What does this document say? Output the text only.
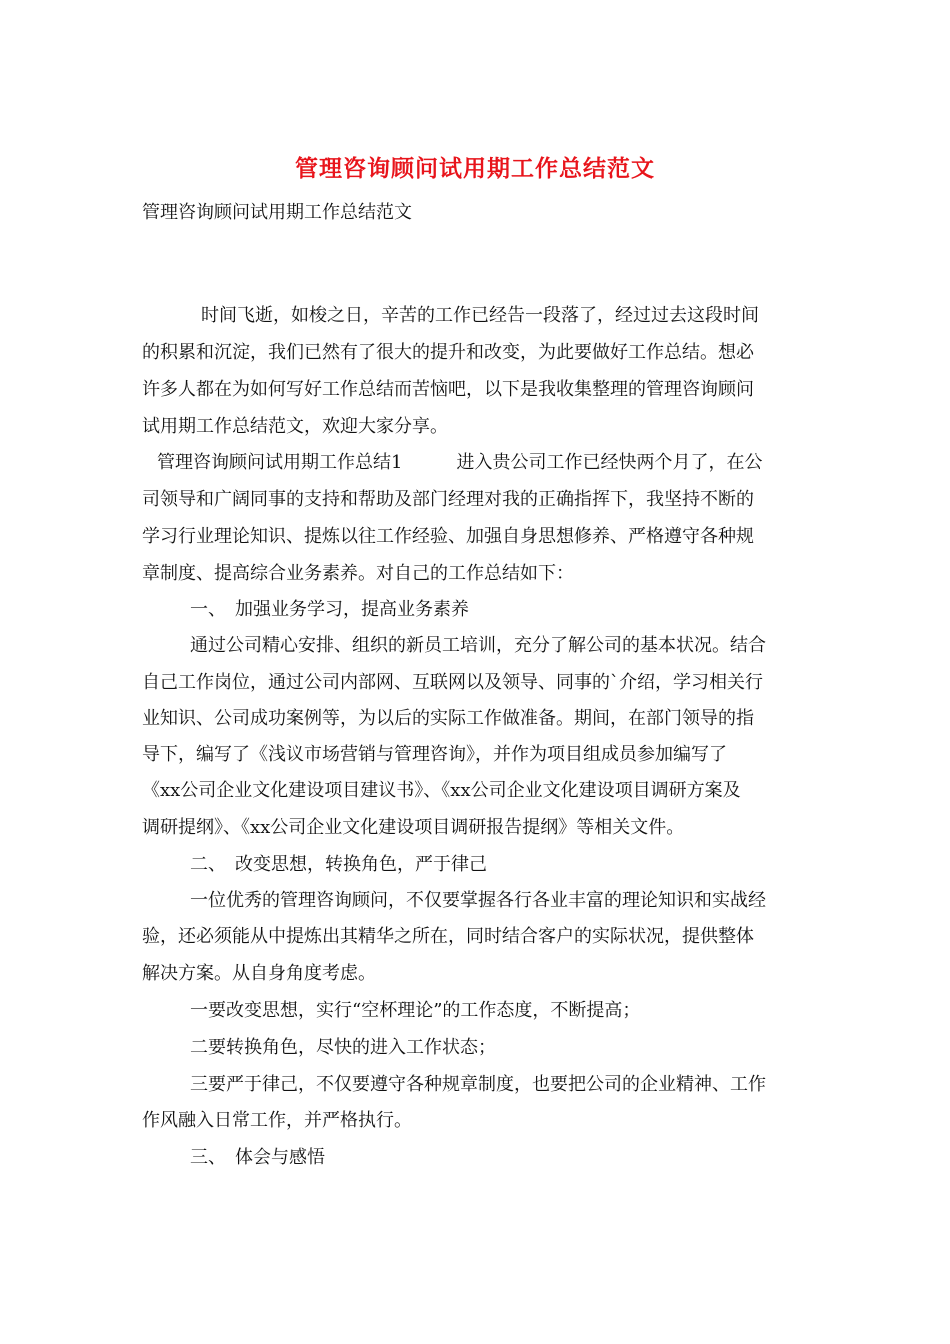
管理咨询顾问试用期工作总结范文
管理咨询顾问试用期工作总结范文
时间飞逝，如梭之日，辛苦的工作已经告一段落了，经过过去这段时间
的积累和沉淀，我们已然有了很大的提升和改变，为此要做好工作总结。想必
许多人都在为如何写好工作总结而苦恼吧，以下是我收集整理的管理咨询顾问
试用期工作总结范文，欢迎大家分享。
管理咨询顾问试用期工作总结1　　　进入贵公司工作已经快两个月了，在公
司领导和广阔同事的支持和帮助及部门经理对我的正确指挥下，我坚持不断的
学习行业理论知识、提炼以往工作经验、加强自身思想修养、严格遵守各种规
章制度、提高综合业务素养。对自己的工作总结如下：
一、　加强业务学习，提高业务素养
通过公司精心安排、组织的新员工培训，充分了解公司的基本状况。结合
自己工作岗位，通过公司内部网、互联网以及领导、同事的`介绍，学习相关行
业知识、公司成功案例等，为以后的实际工作做准备。期间，在部门领导的指
导下，编写了《浅议市场营销与管理咨询》，并作为项目组成员参加编写了
《xx公司企业文化建设项目建议书》、《xx公司企业文化建设项目调研方案及
调研提纲》、《xx公司企业文化建设项目调研报告提纲》等相关文件。
二、　改变思想，转换角色，严于律己
一位优秀的管理咨询顾问，不仅要掌握各行各业丰富的理论知识和实战经
验，还必须能从中提炼出其精华之所在，同时结合客户的实际状况，提供整体
解决方案。从自身角度考虑。
一要改变思想，实行“空杯理论”的工作态度，不断提高；
二要转换角色，尽快的进入工作状态；
三要严于律己，不仅要遵守各种规章制度，也要把公司的企业精神、工作
作风融入日常工作，并严格执行。
三、　体会与感悟
